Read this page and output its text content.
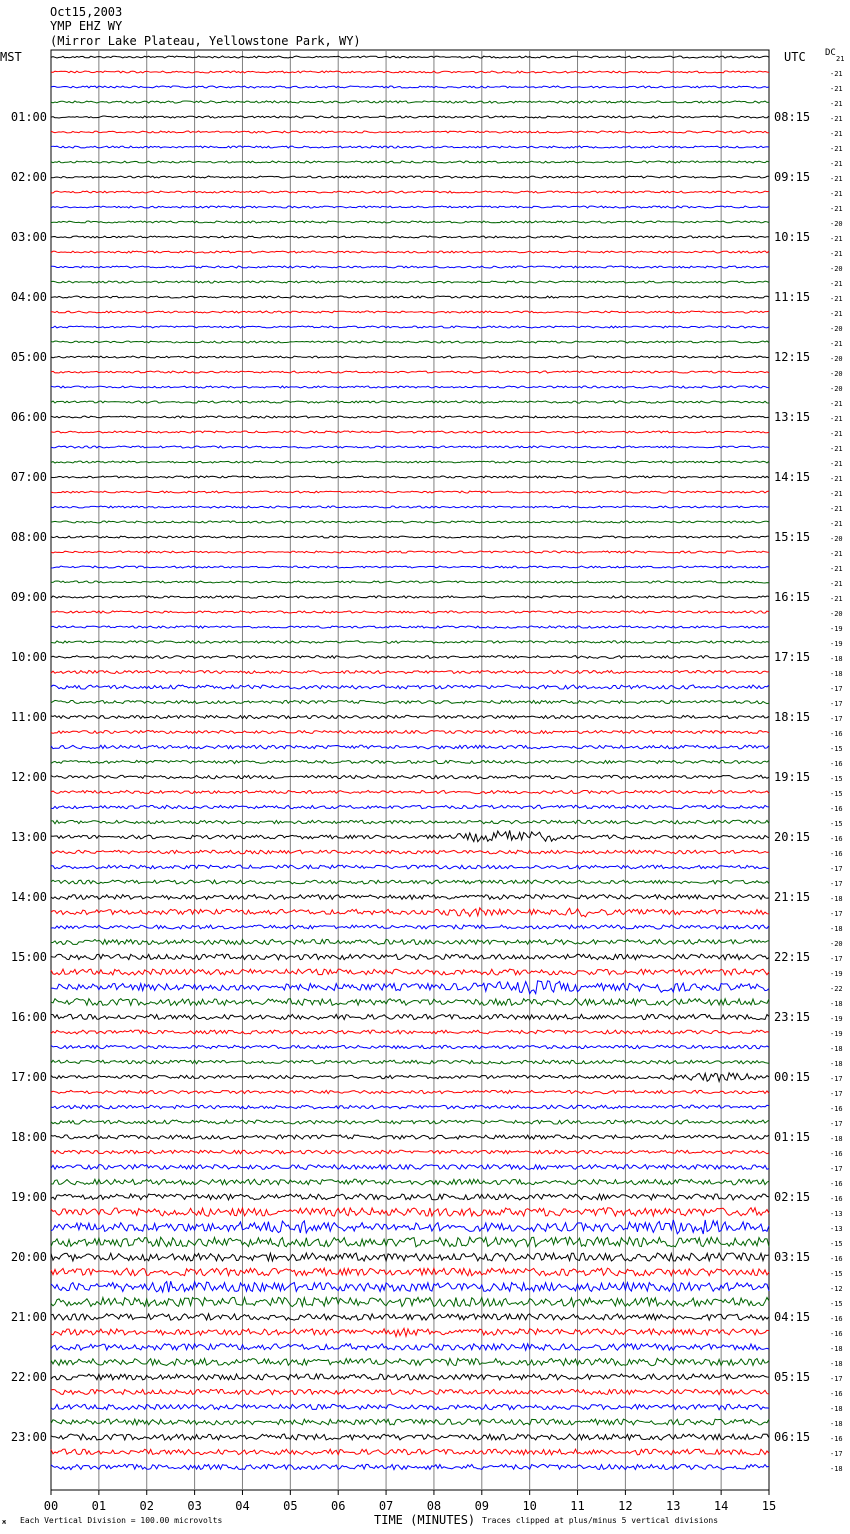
Oct15,2003
YMP EHZ WY
(Mirror Lake Plateau, Yellowstone Park, WY)
MST	UTC DC
01:00
02:00
03:00
04:00
05:00
06:00
07:00
08:00
09:00
10:00
11:00
12:00
13:00
14:00
15:00
16:00
17:00
18:00
19:00
20:00
21:00
22:00
23:00
08:15
09:15
10:15
11:15
12:15
13:15
14:15
15:15
16:15
17:15
18:15
19:15
20:15
21:15
22:15
23:15
00:15
01:15
02:15
03:15
04:15
05:15
06:15
21
-21
-21
-21
-21
-21
-21
-21
-21
-21
-21
-20
-21
-21
-20
-21
-21
-21
-20
-21
-20
-20
-20
-21
-21
-21
-21
-21
-21
-21
-21
-21
-20
-21
-21
-21
-21
-20
-19
-19
-18
-18
-17
-17
-17
-16
-15
-16
-15
-15
-16
-15
-16
-16
-17
-17
-18
-17
-18
-20
-17
-19
-22
-18
-19
-19
-18
-18
-17
-17
-16
-17
-18
-16
-17
-16
-16
-13
-13
-15
-16
-15
-12
-15
-16
-16
-18
-18
-17
-16
-18
-18
-16
-17
-18
00	01	02	03	04	05	06	07	08	09	10	11	12	13	14	15
ж Each Vertical Division = 100.00 microvolts	TIME (MINUTES) Traces clipped at plus/minus 5 vertical divisions
